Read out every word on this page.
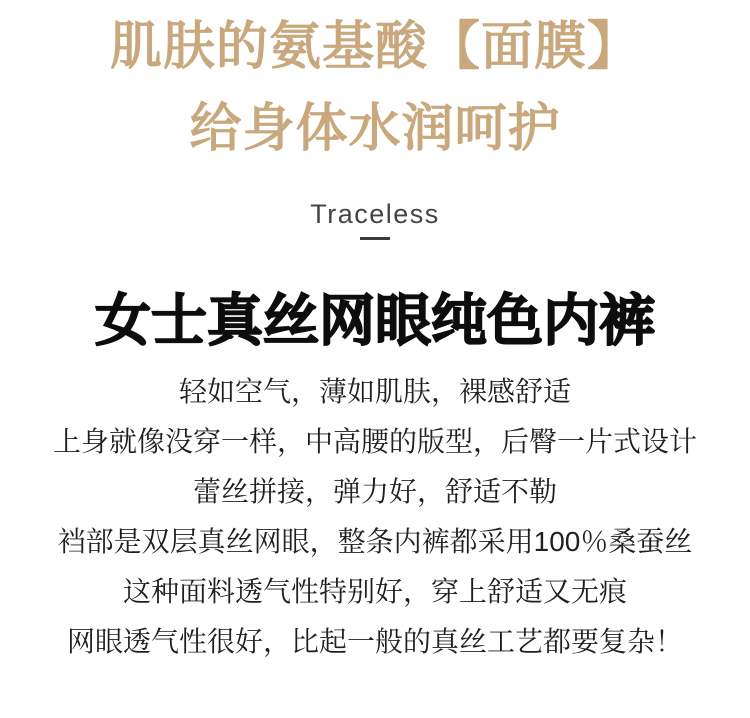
肌肤的氨基酸【面膜】
给身体水润呵护
Traceless
女士真丝网眼纯色内裤
轻如空气，薄如肌肤，裸感舒适
上身就像没穿一样，中高腰的版型，后臀一片式设计
蕾丝拼接，弹力好，舒适不勒
裆部是双层真丝网眼，整条内裤都采用100％桑蚕丝
这种面料透气性特别好，穿上舒适又无痕
网眼透气性很好，比起一般的真丝工艺都要复杂！
